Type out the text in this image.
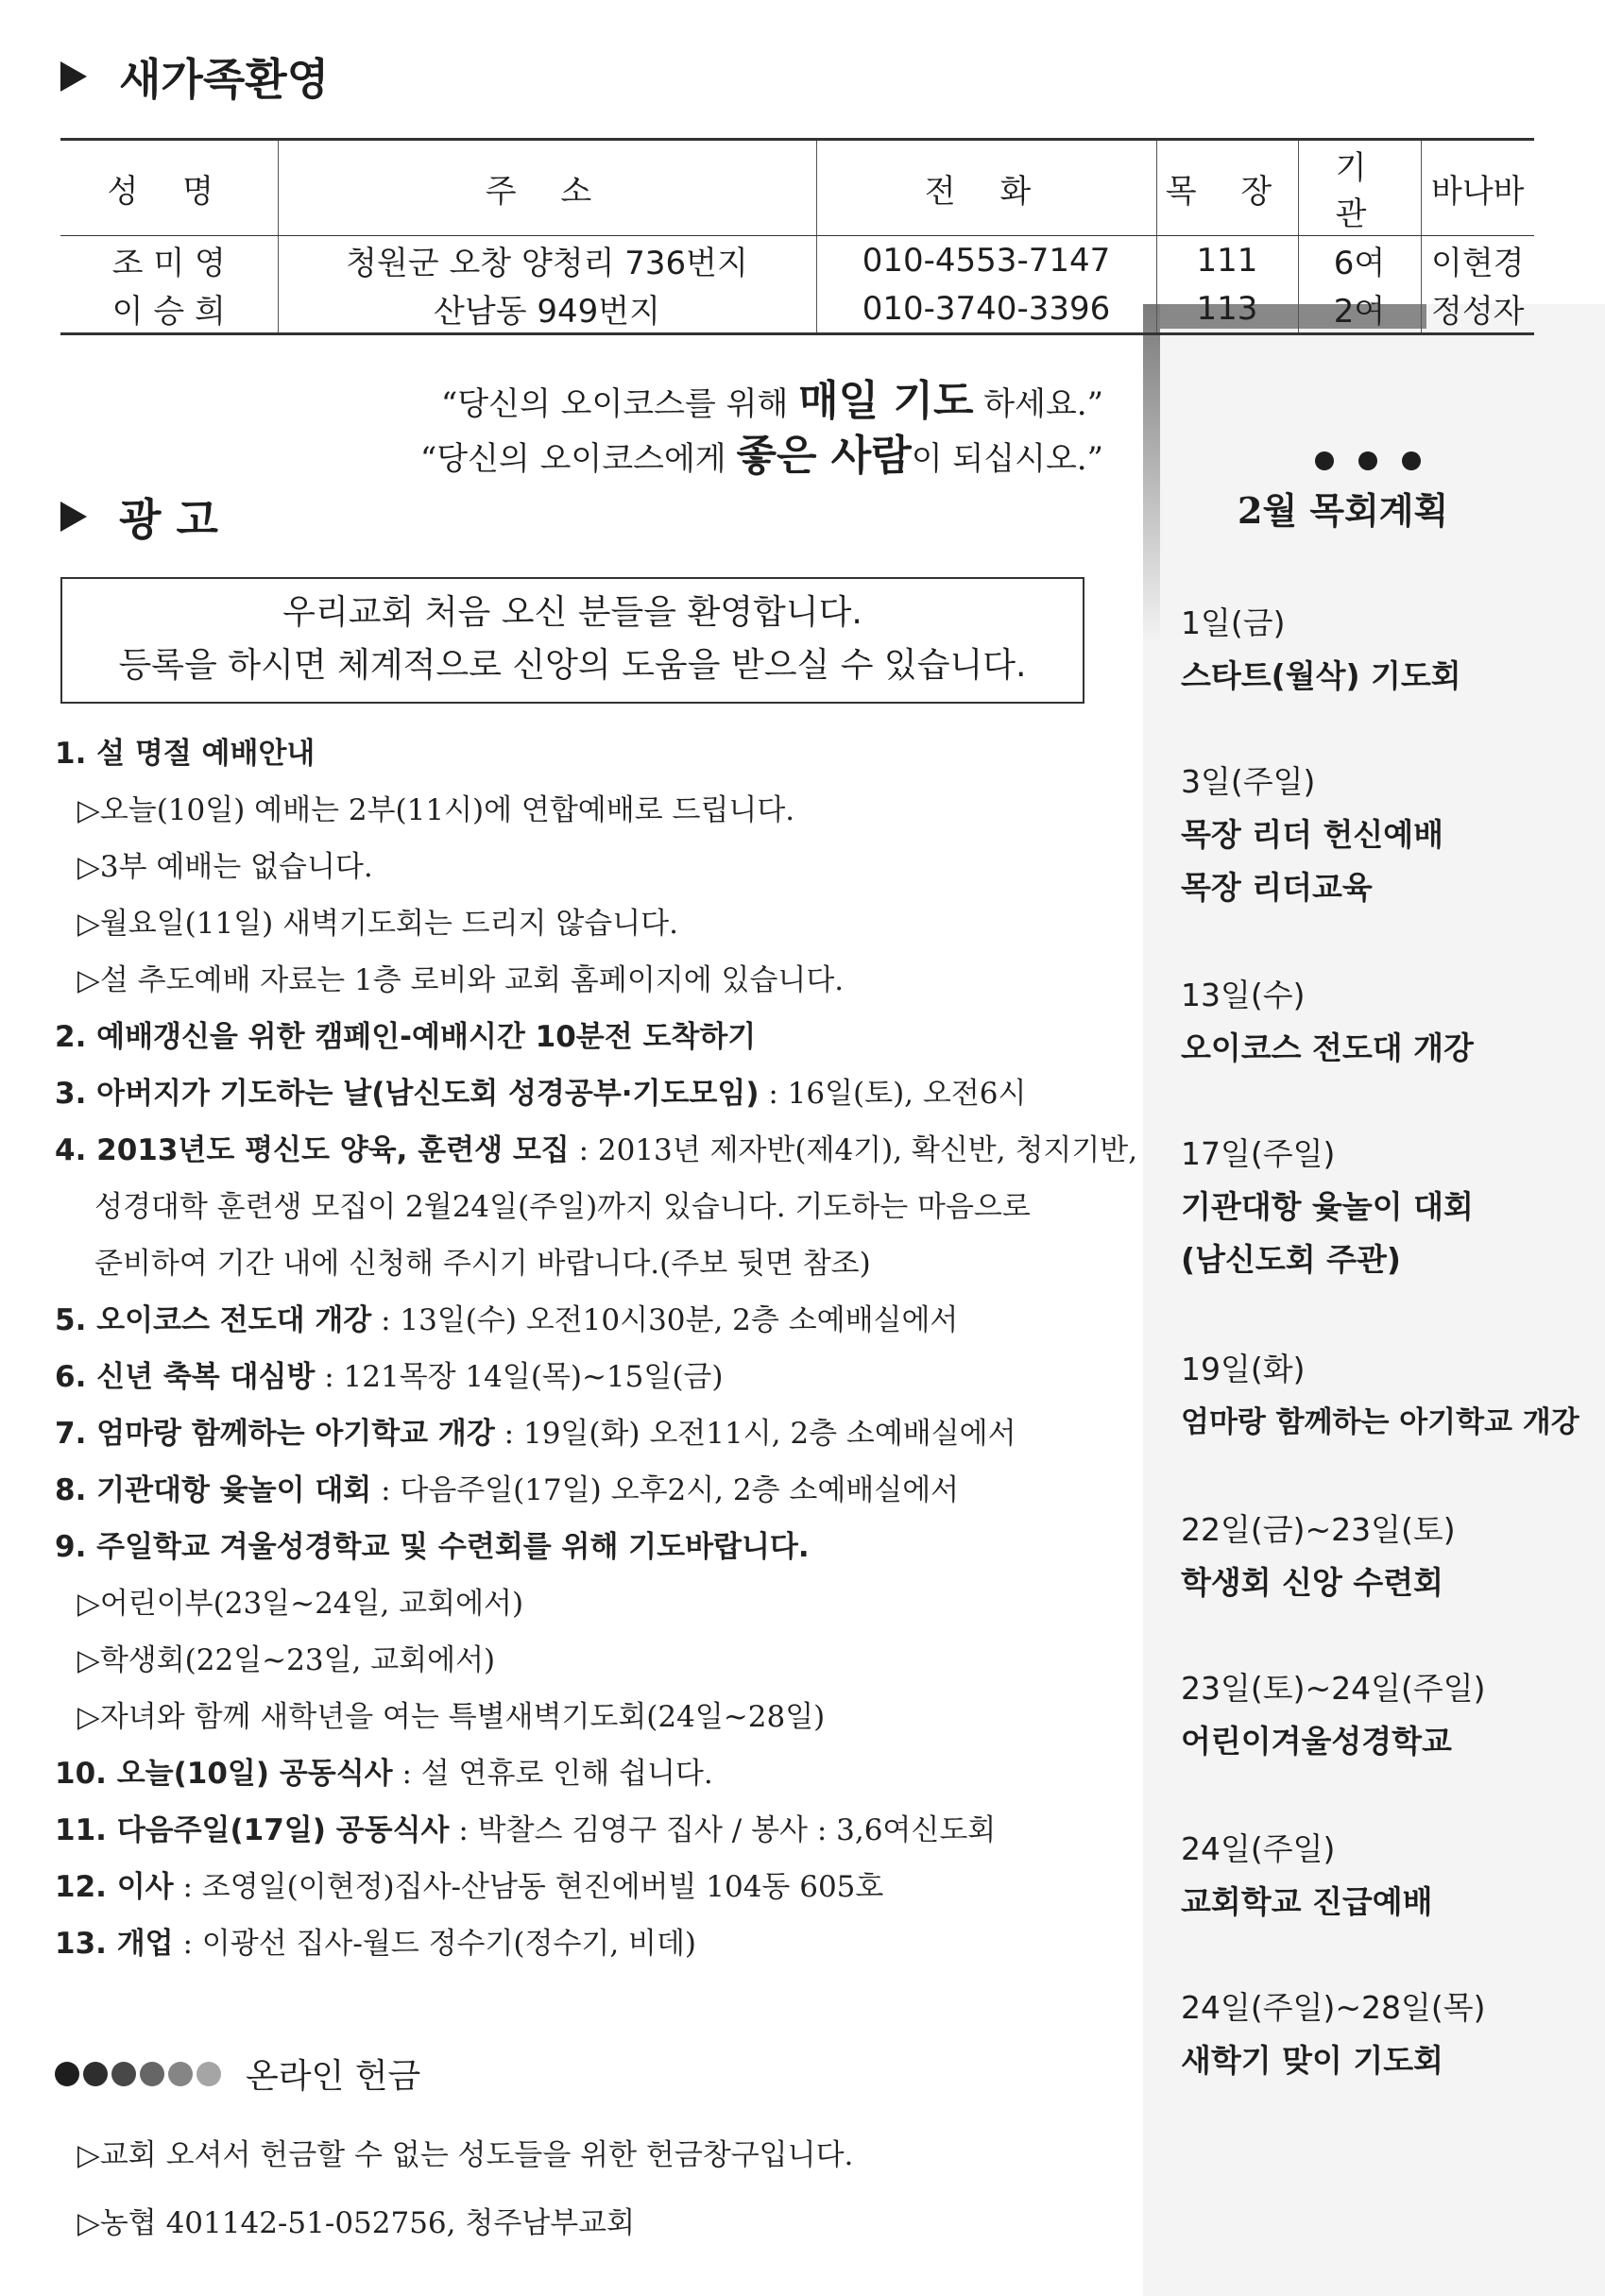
새가족환영
성 명	주 소	전 화	목 장	기 관	바나바
조 미 영	청원군 오창 양청리 736번지	010-4553-7147	111	6여	이현경
이 승 희	산남동 949번지	010-3740-3396	113	2여	정성자
“당신의 오이코스를 위해 매일 기도 하세요.”
“당신의 오이코스에게 좋은 사람이 되십시오.”
광 고
우리교회 처음 오신 분들을 환영합니다.
등록을 하시면 체계적으로 신앙의 도움을 받으실 수 있습니다.
1. 설 명절 예배안내
▷오늘(10일) 예배는 2부(11시)에 연합예배로 드립니다.
▷3부 예배는 없습니다.
▷월요일(11일) 새벽기도회는 드리지 않습니다.
▷설 추도예배 자료는 1층 로비와 교회 홈페이지에 있습니다.
2. 예배갱신을 위한 캠페인-예배시간 10분전 도착하기
3. 아버지가 기도하는 날(남신도회 성경공부·기도모임) : 16일(토), 오전6시
4. 2013년도 평신도 양육, 훈련생 모집 : 2013년 제자반(제4기), 확신반, 청지기반,
성경대학 훈련생 모집이 2월24일(주일)까지 있습니다. 기도하는 마음으로
준비하여 기간 내에 신청해 주시기 바랍니다.(주보 뒷면 참조)
5. 오이코스 전도대 개강 : 13일(수) 오전10시30분, 2층 소예배실에서
6. 신년 축복 대심방 : 121목장 14일(목)~15일(금)
7. 엄마랑 함께하는 아기학교 개강 : 19일(화) 오전11시, 2층 소예배실에서
8. 기관대항 윷놀이 대회 : 다음주일(17일) 오후2시, 2층 소예배실에서
9. 주일학교 겨울성경학교 및 수련회를 위해 기도바랍니다.
▷어린이부(23일~24일, 교회에서)
▷학생회(22일~23일, 교회에서)
▷자녀와 함께 새학년을 여는 특별새벽기도회(24일~28일)
10. 오늘(10일) 공동식사 : 설 연휴로 인해 쉽니다.
11. 다음주일(17일) 공동식사 : 박찰스 김영구 집사 / 봉사 : 3,6여신도회
12. 이사 : 조영일(이현정)집사-산남동 현진에버빌 104동 605호
13. 개업 : 이광선 집사-월드 정수기(정수기, 비데)
온라인 헌금
▷교회 오셔서 헌금할 수 없는 성도들을 위한 헌금창구입니다.
▷농협 401142-51-052756, 청주남부교회
2월 목회계획
1일(금)
스타트(월삭) 기도회
3일(주일)
목장 리더 헌신예배
목장 리더교육
13일(수)
오이코스 전도대 개강
17일(주일)
기관대항 윷놀이 대회
(남신도회 주관)
19일(화)
엄마랑 함께하는 아기학교 개강
22일(금)~23일(토)
학생회 신앙 수련회
23일(토)~24일(주일)
어린이겨울성경학교
24일(주일)
교회학교 진급예배
24일(주일)~28일(목)
새학기 맞이 기도회
